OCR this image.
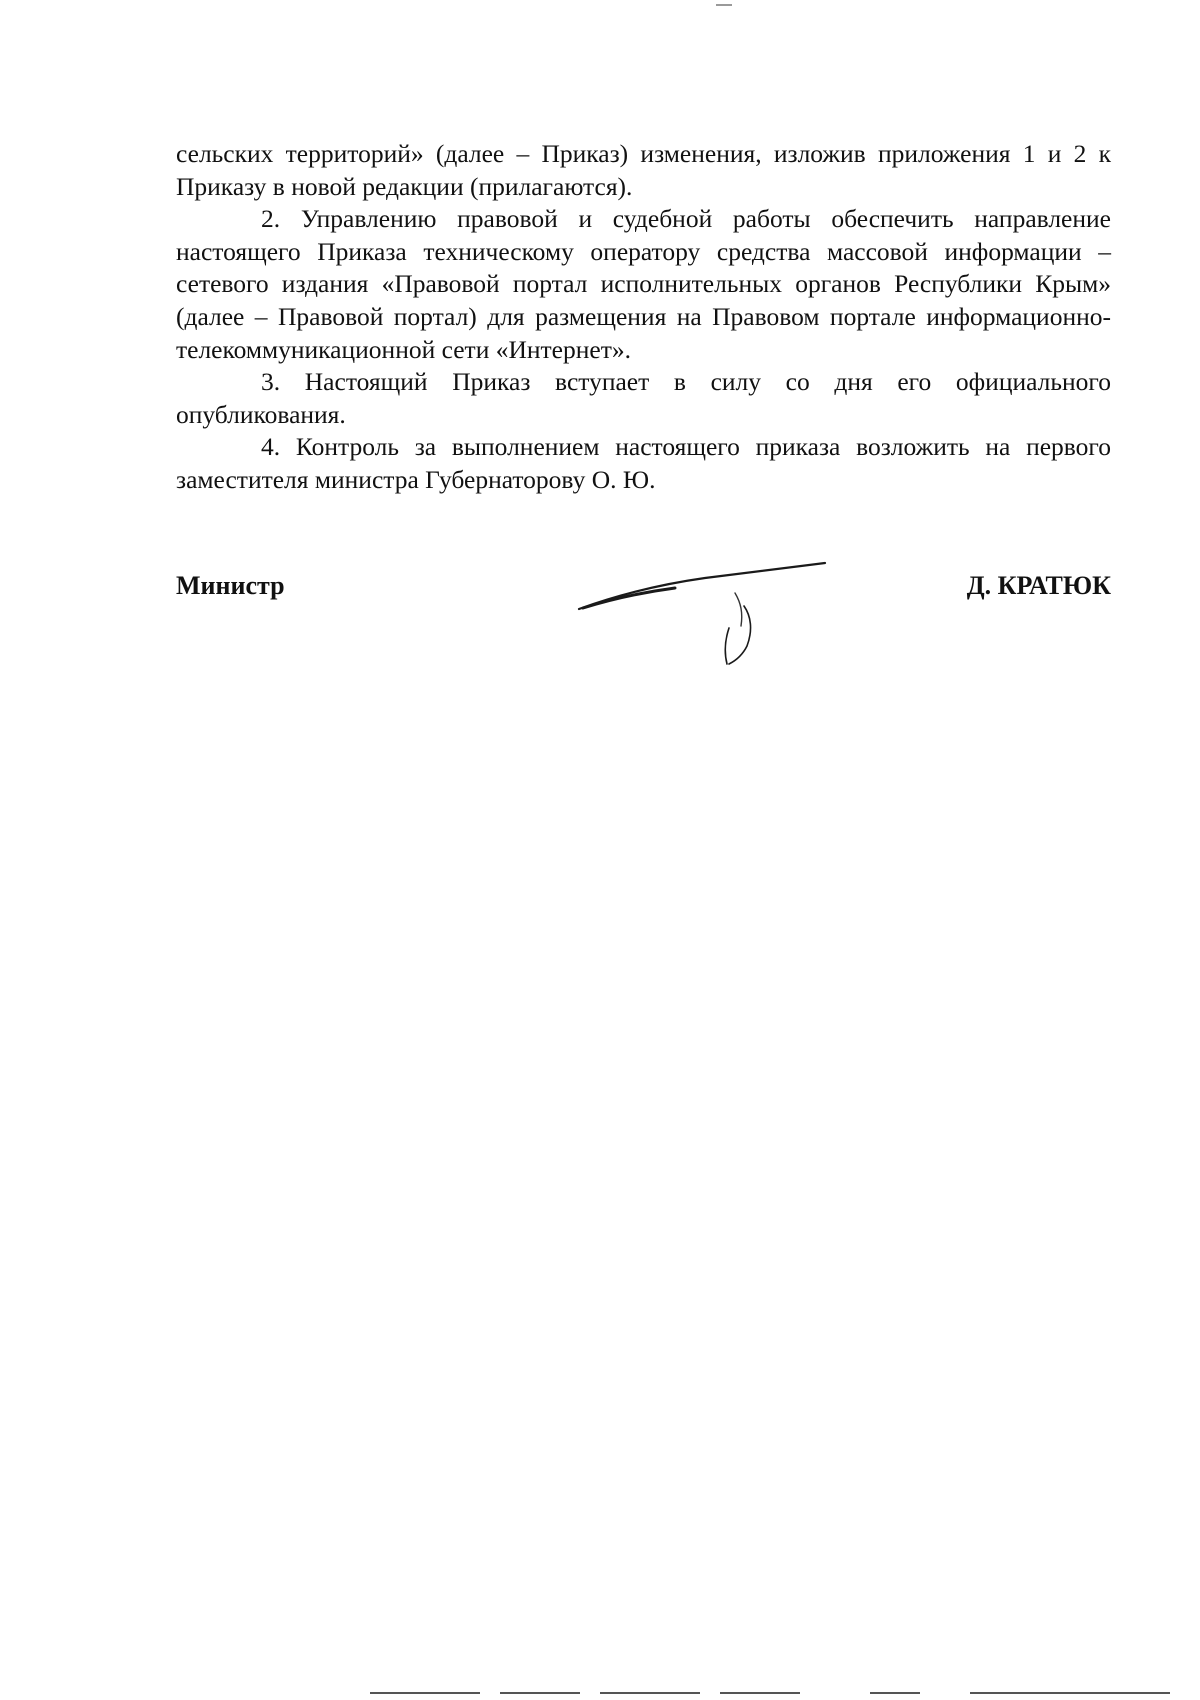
сельских территорий» (далее – Приказ) изменения, изложив приложения 1 и 2 к Приказу в новой редакции (прилагаются).

2. Управлению правовой и судебной работы обеспечить направление настоящего Приказа техническому оператору средства массовой информации – сетевого издания «Правовой портал исполнительных органов Республики Крым» (далее – Правовой портал) для размещения на Правовом портале информационно-телекоммуникационной сети «Интернет».

3. Настоящий Приказ вступает в силу со дня его официального опубликования.

4. Контроль за выполнением настоящего приказа возложить на первого заместителя министра Губернаторову О. Ю.

Министр	Д. КРАТЮК
